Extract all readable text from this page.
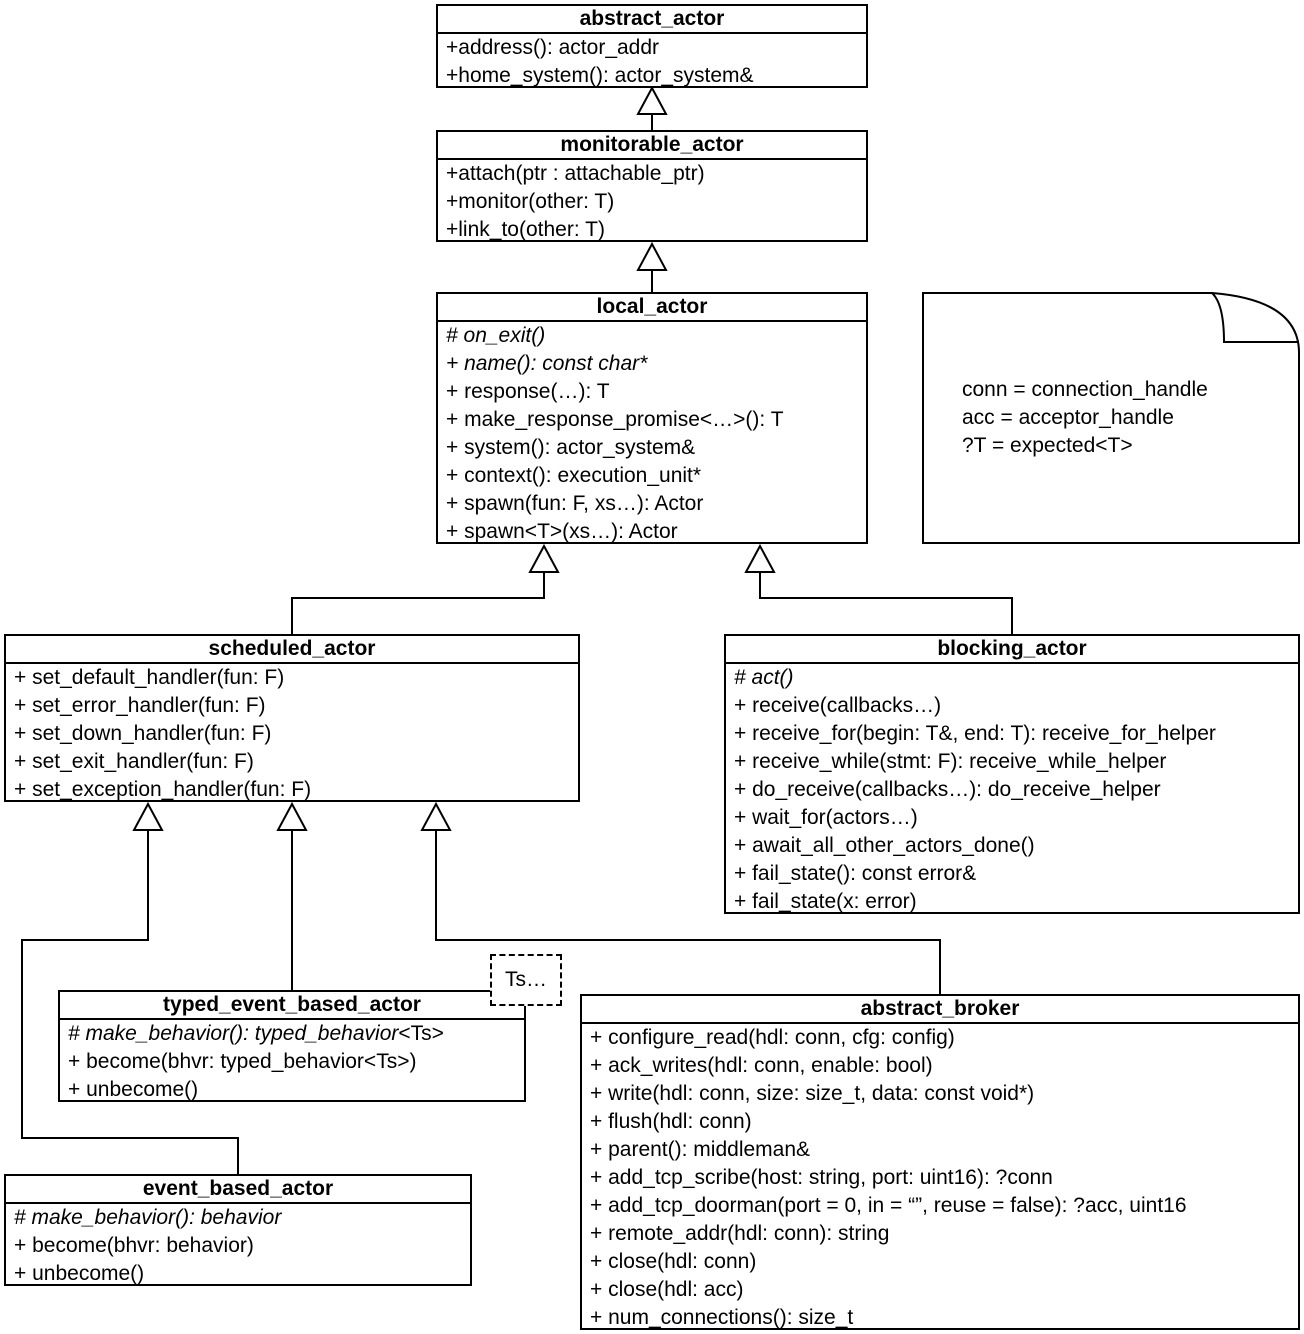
abstract_actor
+address(): actor_addr
+home_system(): actor_system&
monitorable_actor
+attach(ptr : attachable_ptr)
+monitor(other: T)
+link_to(other: T)
local_actor
# on_exit()
+ name(): const char*
+ response(…): T
+ make_response_promise<…>(): T
+ system(): actor_system&
+ context(): execution_unit*
+ spawn(fun: F, xs…): Actor
+ spawn<T>(xs…): Actor
conn = connection_handle
acc = acceptor_handle
?T = expected<T>
scheduled_actor
+ set_default_handler(fun: F)
+ set_error_handler(fun: F)
+ set_down_handler(fun: F)
+ set_exit_handler(fun: F)
+ set_exception_handler(fun: F)
blocking_actor
# act()
+ receive(callbacks…)
+ receive_for(begin: T&, end: T): receive_for_helper
+ receive_while(stmt: F): receive_while_helper
+ do_receive(callbacks…): do_receive_helper
+ wait_for(actors…)
+ await_all_other_actors_done()
+ fail_state(): const error&
+ fail_state(x: error)
typed_event_based_actor
# make_behavior(): typed_behavior<Ts>
+ become(bhvr: typed_behavior<Ts>)
+ unbecome()
Ts…
abstract_broker
+ configure_read(hdl: conn, cfg: config)
+ ack_writes(hdl: conn, enable: bool)
+ write(hdl: conn, size: size_t, data: const void*)
+ flush(hdl: conn)
+ parent(): middleman&
+ add_tcp_scribe(host: string, port: uint16): ?conn
+ add_tcp_doorman(port = 0, in = “”, reuse = false): ?acc, uint16
+ remote_addr(hdl: conn): string
+ close(hdl: conn)
+ close(hdl: acc)
+ num_connections(): size_t
event_based_actor
# make_behavior(): behavior
+ become(bhvr: behavior)
+ unbecome()
